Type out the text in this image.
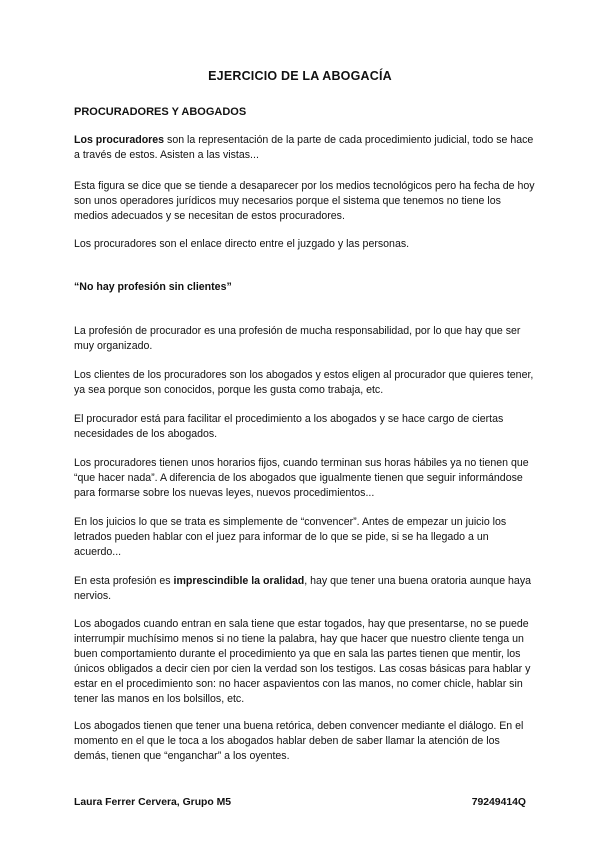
EJERCICIO DE LA ABOGACÍA
PROCURADORES Y ABOGADOS

Los procuradores son la representación de la parte de cada procedimiento judicial, todo se hace a través de estos. Asisten a las vistas...

Esta figura se dice que se tiende a desaparecer por los medios tecnológicos pero ha fecha de hoy son unos operadores jurídicos muy necesarios porque el sistema que tenemos no tiene los medios adecuados y se necesitan de estos procuradores.

Los procuradores son el enlace directo entre el juzgado y las personas.

“No hay profesión sin clientes”

La profesión de procurador es una profesión de mucha responsabilidad, por lo que hay que ser muy organizado.

Los clientes de los procuradores son los abogados y estos eligen al procurador que quieres tener, ya sea porque son conocidos, porque les gusta como trabaja, etc.

El procurador está para facilitar el procedimiento a los abogados y se hace cargo de ciertas necesidades de los abogados.

Los procuradores tienen unos horarios fijos, cuando terminan sus horas hábiles ya no tienen que “que hacer nada”. A diferencia de los abogados que igualmente tienen que seguir informándose para formarse sobre los nuevas leyes, nuevos procedimientos...

En los juicios lo que se trata es simplemente de “convencer”. Antes de empezar un juicio los letrados pueden hablar con el juez para informar de lo que se pide, si se ha llegado a un acuerdo...

En esta profesión es imprescindible la oralidad, hay que tener una buena oratoria aunque haya nervios.

Los abogados cuando entran en sala tiene que estar togados, hay que presentarse, no se puede interrumpir muchísimo menos si no tiene la palabra, hay que hacer que nuestro cliente tenga un buen comportamiento durante el procedimiento ya que en sala las partes tienen que mentir, los únicos obligados a decir cien por cien la verdad son los testigos. Las cosas básicas para hablar y estar en el procedimiento son: no hacer aspavientos con las manos, no comer chicle, hablar sin tener las manos en los bolsillos, etc.

Los abogados tienen que tener una buena retórica, deben convencer mediante el diálogo. En el momento en el que le toca a los abogados hablar deben de saber llamar la atención de los demás, tienen que “enganchar” a los oyentes.

Laura Ferrer Cervera, Grupo M5	79249414Q
